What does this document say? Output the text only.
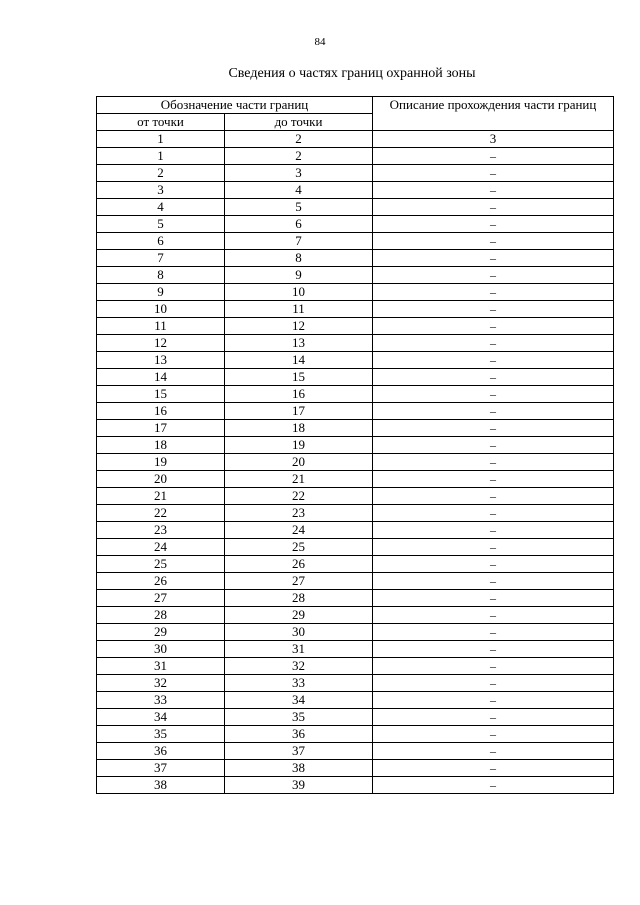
84
Сведения о частях границ охранной зоны
Обозначение части границ		Описание прохождения части границ
от точки	до точки	
1	2	3
1	2	–
2	3	–
3	4	–
4	5	–
5	6	–
6	7	–
7	8	–
8	9	–
9	10	–
10	11	–
11	12	–
12	13	–
13	14	–
14	15	–
15	16	–
16	17	–
17	18	–
18	19	–
19	20	–
20	21	–
21	22	–
22	23	–
23	24	–
24	25	–
25	26	–
26	27	–
27	28	–
28	29	–
29	30	–
30	31	–
31	32	–
32	33	–
33	34	–
34	35	–
35	36	–
36	37	–
37	38	–
38	39	–
